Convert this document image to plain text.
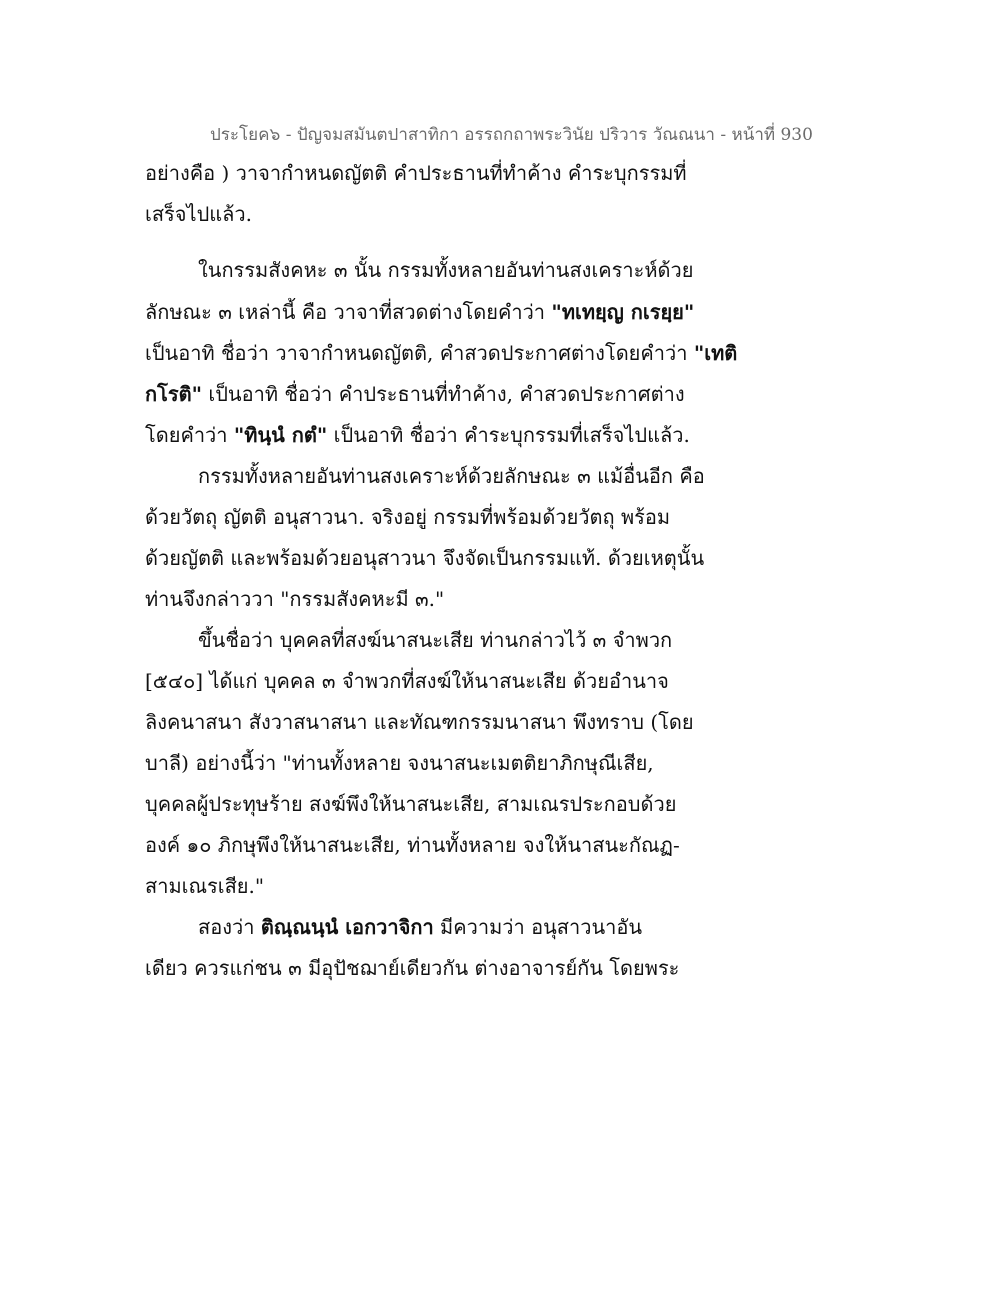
ประโยค๖ - ปัญจมสมันตปาสาทิกา อรรถกถาพระวินัย ปริวาร วัณณนา - หน้าที่ 930
อย่างคือ ) วาจากำหนดญัตติ คำประธานที่ทำค้าง คำระบุกรรมที่
เสร็จไปแล้ว.
ในกรรมสังคหะ ๓ นั้น กรรมทั้งหลายอันท่านสงเคราะห์ด้วย
ลักษณะ ๓ เหล่านี้ คือ วาจาที่สวดต่างโดยคำว่า "ทเทยฺญ กเรยฺย"
เป็นอาทิ ชื่อว่า วาจากำหนดญัตติ, คำสวดประกาศต่างโดยคำว่า "เทติ
กโรติ" เป็นอาทิ ชื่อว่า คำประธานที่ทำค้าง, คำสวดประกาศต่าง
โดยคำว่า "ทินฺนํ กตํ" เป็นอาทิ ชื่อว่า คำระบุกรรมที่เสร็จไปแล้ว.
กรรมทั้งหลายอันท่านสงเคราะห์ด้วยลักษณะ ๓ แม้อื่นอีก คือ
ด้วยวัตถุ ญัตติ อนุสาวนา. จริงอยู่ กรรมที่พร้อมด้วยวัตถุ พร้อม
ด้วยญัตติ และพร้อมด้วยอนุสาวนา จึงจัดเป็นกรรมแท้. ด้วยเหตุนั้น
ท่านจึงกล่าววา "กรรมสังคหะมี ๓."
ขึ้นชื่อว่า บุคคลที่สงฆ์นาสนะเสีย ท่านกล่าวไว้ ๓ จำพวก
[๕๔๐] ได้แก่ บุคคล ๓ จำพวกที่สงฆ์ให้นาสนะเสีย ด้วยอำนาจ
ลิงคนาสนา สังวาสนาสนา และทัณฑกรรมนาสนา พึงทราบ (โดย
บาลี) อย่างนี้ว่า "ท่านทั้งหลาย จงนาสนะเมตติยาภิกษุณีเสีย,
บุคคลผู้ประทุษร้าย สงฆ์พึงให้นาสนะเสีย, สามเณรประกอบด้วย
องค์ ๑๐ ภิกษุพึงให้นาสนะเสีย, ท่านทั้งหลาย จงให้นาสนะกัณฏ-
สามเณรเสีย."
สองว่า ติณฺณนฺนํ เอกวาจิกา มีความว่า อนุสาวนาอัน
เดียว ควรแก่ชน ๓ มีอุปัชฌาย์เดียวกัน ต่างอาจารย์กัน โดยพระ
